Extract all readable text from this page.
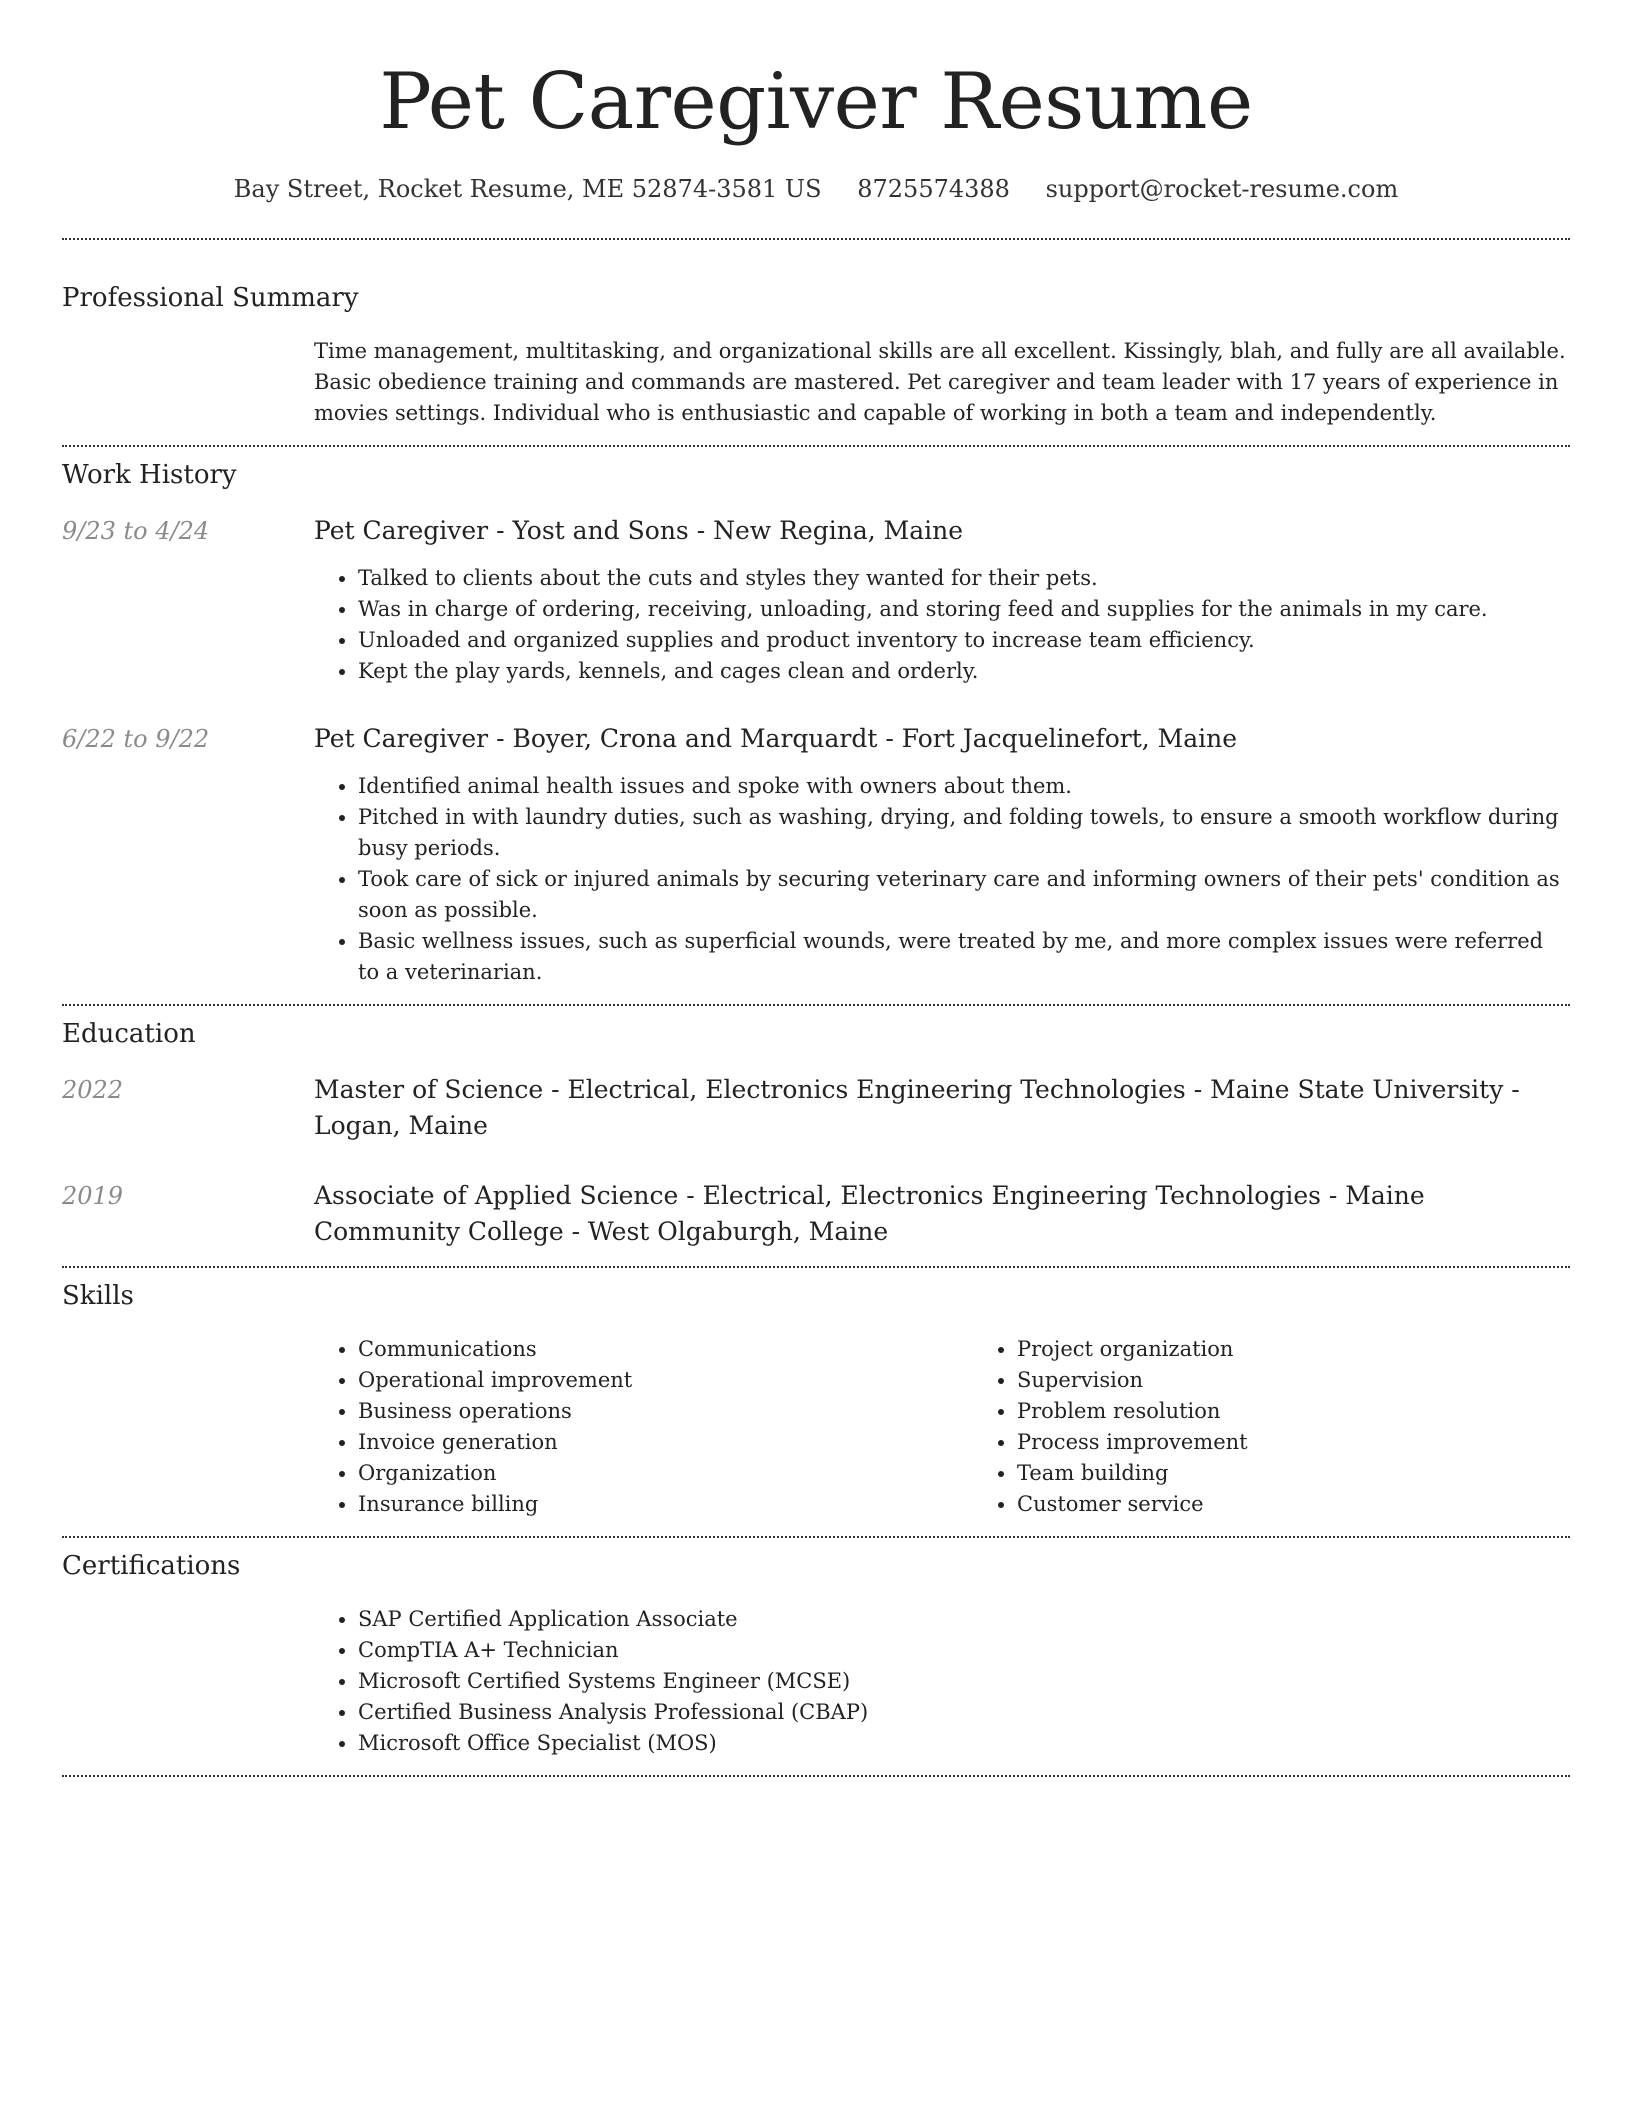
Pet Caregiver Resume
Bay Street, Rocket Resume, ME 52874-3581 US 8725574388 support@rocket-resume.com
Professional Summary
Time management, multitasking, and organizational skills are all excellent. Kissingly, blah, and fully are all available. Basic obedience training and commands are mastered. Pet caregiver and team leader with 17 years of experience in movies settings. Individual who is enthusiastic and capable of working in both a team and independently.
Work History
9/23 to 4/24	Pet Caregiver - Yost and Sons - New Regina, Maine
• Talked to clients about the cuts and styles they wanted for their pets.
• Was in charge of ordering, receiving, unloading, and storing feed and supplies for the animals in my care.
• Unloaded and organized supplies and product inventory to increase team efficiency.
• Kept the play yards, kennels, and cages clean and orderly.
6/22 to 9/22	Pet Caregiver - Boyer, Crona and Marquardt - Fort Jacquelinefort, Maine
• Identified animal health issues and spoke with owners about them.
• Pitched in with laundry duties, such as washing, drying, and folding towels, to ensure a smooth workflow during busy periods.
• Took care of sick or injured animals by securing veterinary care and informing owners of their pets' condition as soon as possible.
• Basic wellness issues, such as superficial wounds, were treated by me, and more complex issues were referred to a veterinarian.
Education
2022	Master of Science - Electrical, Electronics Engineering Technologies - Maine State University - Logan, Maine
2019	Associate of Applied Science - Electrical, Electronics Engineering Technologies - Maine Community College - West Olgaburgh, Maine
Skills
• Communications
• Operational improvement
• Business operations
• Invoice generation
• Organization
• Insurance billing
• Project organization
• Supervision
• Problem resolution
• Process improvement
• Team building
• Customer service
Certifications
• SAP Certified Application Associate
• CompTIA A+ Technician
• Microsoft Certified Systems Engineer (MCSE)
• Certified Business Analysis Professional (CBAP)
• Microsoft Office Specialist (MOS)
